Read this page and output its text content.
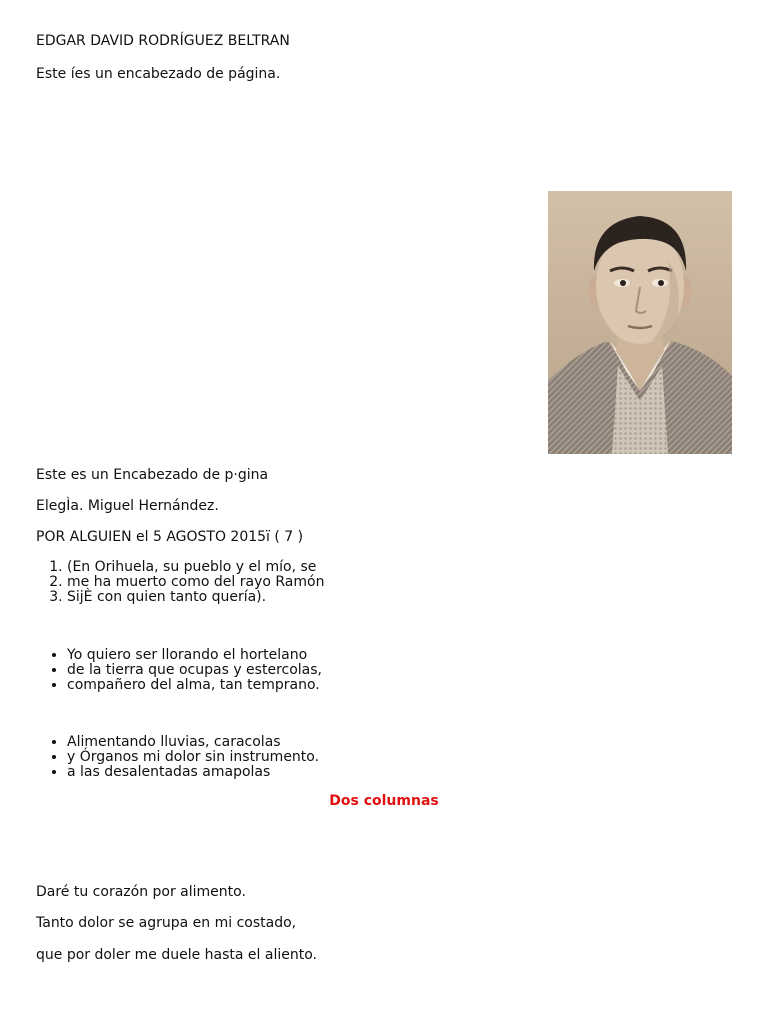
EDGAR DAVID RODRÍGUEZ BELTRAN
Este íes un encabezado de página.
Este es un Encabezado de p·gina
ElegÌa. Miguel Hernández.
POR ALGUIEN el 5 AGOSTO 2015ï ( 7 )
1. (En Orihuela, su pueblo y el mío, se
2. me ha muerto como del rayo Ramón
3. SijÈ con quien tanto quería).
• Yo quiero ser llorando el hortelano
• de la tierra que ocupas y estercolas,
• compañero del alma, tan temprano.
• Alimentando lluvias, caracolas
• y Órganos mi dolor sin instrumento.
• a las desalentadas amapolas
Dos columnas
Daré tu corazón por alimento.
Tanto dolor se agrupa en mi costado,
que por doler me duele hasta el aliento.
